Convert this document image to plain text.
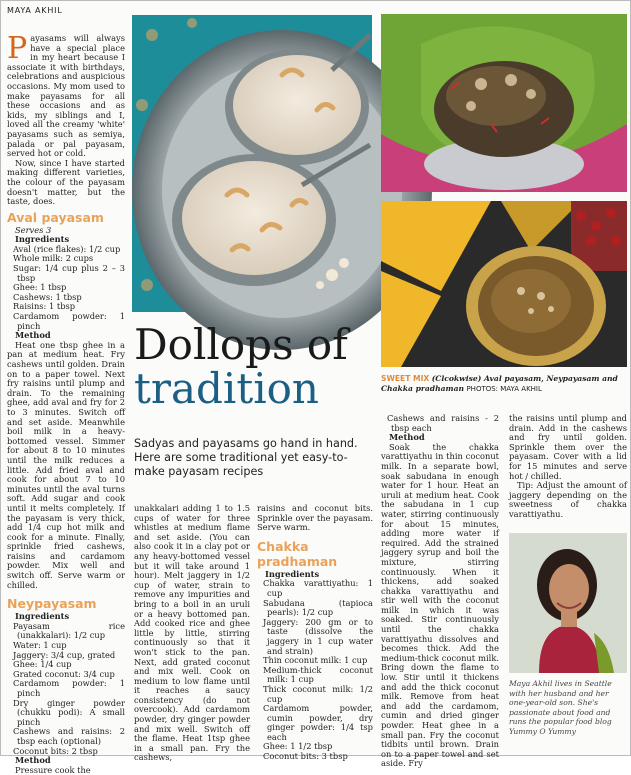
MAYA AKHIL

Payasams will always have a special place in my heart because I associate it with birthdays, celebrations and auspicious occasions. My mom used to make payasams for all these occasions and as kids, my siblings and I, loved all the creamy 'white' payasams such as semiya, palada or pal payasam, served hot or cold.

Now, since I have started making different varieties, the colour of the payasam doesn't matter, but the taste, does.

Aval payasam
Serves 3
Ingredients
Aval (rice flakes): 1/2 cup
Whole milk: 2 cups
Sugar: 1/4 cup plus 2 – 3 tbsp
Ghee: 1 tbsp
Cashews: 1 tbsp
Raisins: 1 tbsp
Cardamom powder: 1 pinch
Method

Heat one tbsp ghee in a pan at medium heat. Fry cashews until golden. Drain on to a paper towel. Next fry raisins until plump and drain. To the remaining ghee, add aval and fry for 2 to 3 minutes. Switch off and set aside. Meanwhile boil milk in a heavy-bottomed vessel. Simmer for about 8 to 10 minutes until the milk reduces a little. Add fried aval and cook for about 7 to 10 minutes until the aval turns soft. Add sugar and cook until it melts completely. If the payasam is very thick, add 1/4 cup hot milk and cook for a minute. Finally, sprinkle fried cashews, raisins and cardamom powder. Mix well and switch off. Serve warm or chilled.

Neypayasam
Ingredients
Payasam rice (unakkalari): 1/2 cup
Water: 1 cup
Jaggery: 3/4 cup, grated
Ghee: 1/4 cup
Grated coconut: 3/4 cup
Cardamom powder: 1 pinch
Dry ginger powder (chukku podi): A small pinch
Cashews and raisins: 2 tbsp each (optional)
Coconut bits: 2 tbsp
Method

Pressure cook the

Dollops of
tradition	SWEET MIX (Clcokwise) Aval payasam, Neypayasam and Chakka pradhaman PHOTOS: MAYA AKHIL
Sadyas and payasams go hand in hand. Here are some traditional yet easy-to-make payasam recipes

unakkalari adding 1 to 1.5 cups of water for three whistles at medium flame and set aside. (You can also cook it in a clay pot or any heavy-bottomed vessel but it will take around 1 hour). Melt jaggery in 1/2 cup of water, strain to remove any impurities and bring to a boil in an uruli or a heavy bottomed pan. Add cooked rice and ghee little by little, stirring continuously so that it won't stick to the pan. Next, add grated coconut and mix well. Cook on medium to low flame until it reaches a saucy consistency (do not overcook). Add cardamom powder, dry ginger powder and mix well. Switch off the flame. Heat 1tsp ghee in a small pan. Fry the cashews,

raisins and coconut bits. Sprinkle over the payasam. Serve warm.

Chakka
pradhaman
Ingredients
Chakka varattiyathu: 1 cup
Sabudana (tapioca pearls): 1/2 cup
Jaggery: 200 gm or to taste (dissolve the jaggery in 1 cup water and strain)
Thin coconut milk: 1 cup
Medium-thick coconut milk: 1 cup
Thick coconut milk: 1/2 cup
Cardamom powder, cumin powder, dry ginger powder: 1/4 tsp each
Ghee: 1 1/2 tbsp
Coconut bits: 3 tbsp
Cashews and raisins - 2 tbsp each
Method

Soak the chakka varattiyathu in thin coconut milk. In a separate bowl, soak sabudana in enough water for 1 hour. Heat an uruli at medium heat. Cook the sabudana in 1 cup water, stirring continuously for about 15 minutes, adding more water if required. Add the strained jaggery syrup and boil the mixture, stirring continuously. When it thickens, add soaked chakka varattiyathu and stir well with the coconut milk in which it was soaked. Stir continuously until the chakka varattiyathu dissolves and becomes thick. Add the medium-thick coconut milk. Bring down the flame to low. Stir until it thickens and add the thick coconut milk. Remove from heat and add the cardamom, cumin and dried ginger powder. Heat ghee in a small pan. Fry the coconut tidbits until brown. Drain on to a paper towel and set aside. Fry

the raisins until plump and drain. Add in the cashews and fry until golden. Sprinkle them over the payasam. Cover with a lid for 15 minutes and serve hot / chilled.

Tip: Adjust the amount of jaggery depending on the sweetness of chakka varattiyathu.

Maya Akhil lives in Seattle with her husband and her one-year-old son. She's passionate about food and runs the popular food blog Yummy O Yummy
